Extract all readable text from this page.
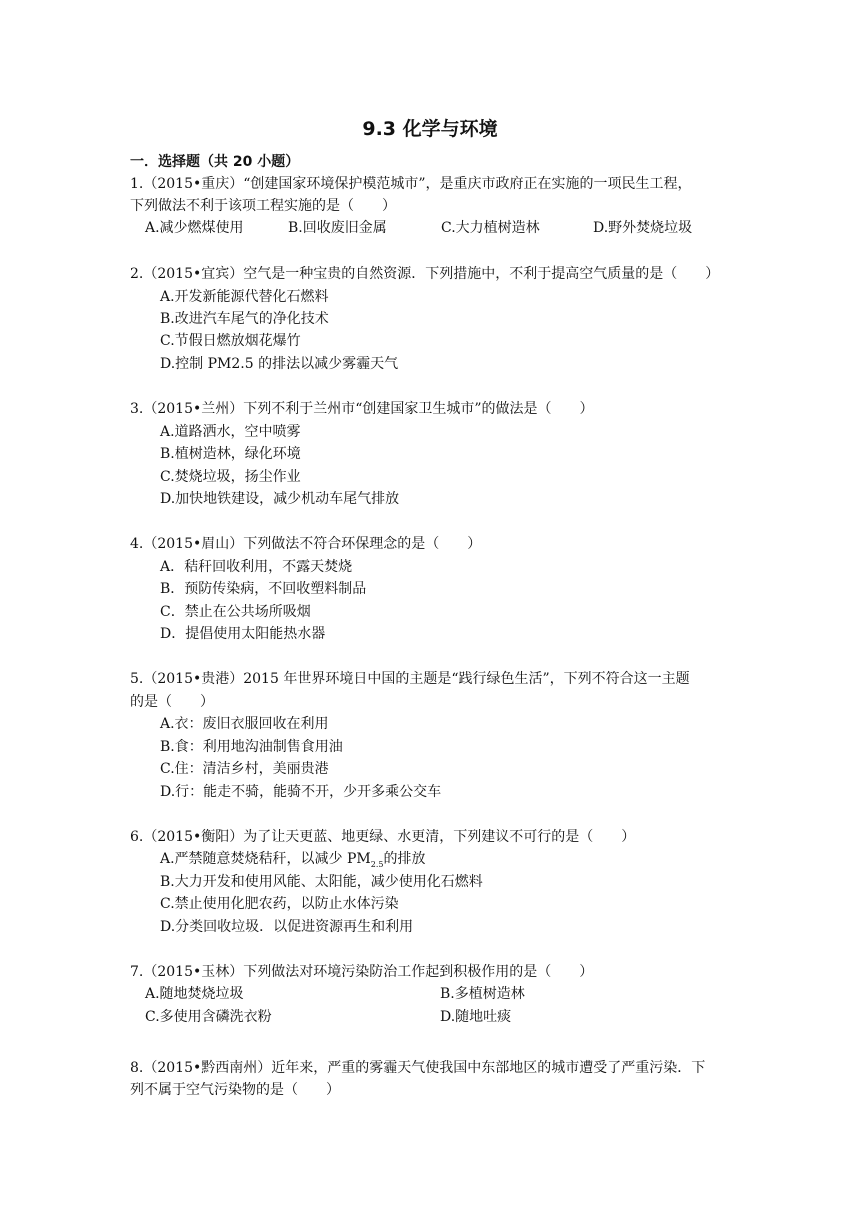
9.3 化学与环境
一．选择题（共 20 小题）
1.（2015•重庆）“创建国家环境保护模范城市”，是重庆市政府正在实施的一项民生工程，
下列做法不利于该项工程实施的是（　　）
A.减少燃煤使用	B.回收废旧金属	C.大力植树造林	D.野外焚烧垃圾
2.（2015•宜宾）空气是一种宝贵的自然资源．下列措施中，不利于提高空气质量的是（　　）
A.开发新能源代替化石燃料
B.改进汽车尾气的净化技术
C.节假日燃放烟花爆竹
D.控制 PM2.5 的排法以减少雾霾天气
3.（2015•兰州）下列不利于兰州市“创建国家卫生城市”的做法是（　　）
A.道路洒水，空中喷雾
B.植树造林，绿化环境
C.焚烧垃圾，扬尘作业
D.加快地铁建设，减少机动车尾气排放
4.（2015•眉山）下列做法不符合环保理念的是（　　）
A．秸秆回收利用，不露天焚烧
B．预防传染病，不回收塑料制品
C．禁止在公共场所吸烟
D．提倡使用太阳能热水器
5.（2015•贵港）2015 年世界环境日中国的主题是“践行绿色生活”，下列不符合这一主题
的是（　　）
A.衣：废旧衣服回收在利用
B.食：利用地沟油制售食用油
C.住：清洁乡村，美丽贵港
D.行：能走不骑，能骑不开，少开多乘公交车
6.（2015•衡阳）为了让天更蓝、地更绿、水更清，下列建议不可行的是（　　）
A.严禁随意焚烧秸秆，以减少 $PM_{2.5}$的排放
B.大力开发和使用风能、太阳能，减少使用化石燃料
C.禁止使用化肥农药，以防止水体污染
D.分类回收垃圾．以促进资源再生和利用
7.（2015•玉林）下列做法对环境污染防治工作起到积极作用的是（　　）
A.随地焚烧垃圾	B.多植树造林
C.多使用含磷洗衣粉	D.随地吐痰
8.（2015•黔西南州）近年来，严重的雾霾天气使我国中东部地区的城市遭受了严重污染．下
列不属于空气污染物的是（　　）
